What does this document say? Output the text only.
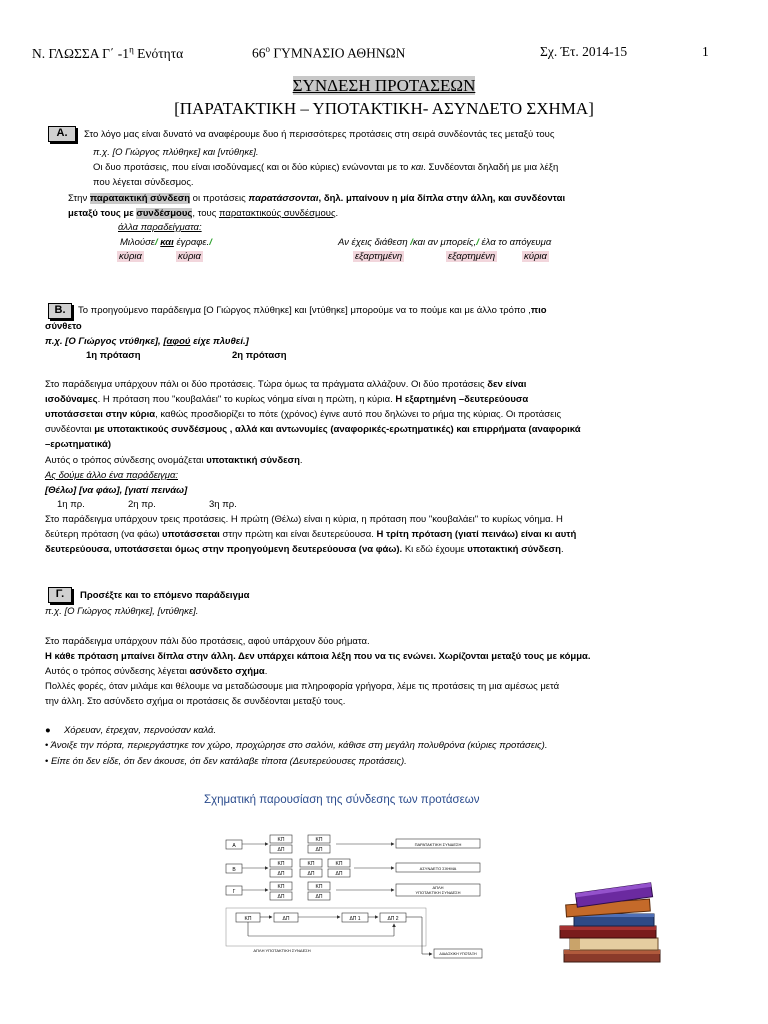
Ν. ΓΛΩΣΣΑ Γ΄ $-1^\eta$ Ενότητα	$66^o$ ΓΥΜΝΑΣΙΟ ΑΘΗΝΩΝ	Σχ. Έτ. 2014-15	1
ΣΥΝΔΕΣΗ ΠΡΟΤΑΣΕΩΝ
[ΠΑΡΑΤΑΚΤΙΚΗ – ΥΠΟΤΑΚΤΙΚΗ- ΑΣΥΝΔΕΤΟ ΣΧΗΜΑ]
Α.	Στο λόγο μας είναι δυνατό να αναφέρουμε δυο ή περισσότερες προτάσεις στη σειρά συνδέοντάς τες μεταξύ τους
π.χ. [Ο Γιώργος πλύθηκε] και [ντύθηκε].
Οι δυο προτάσεις, που είναι ισοδύναμες( και οι δύο κύριες) ενώνονται με το και. Συνδέονται δηλαδή με μια λέξη
που λέγεται σύνδεσμος.
Στην παρατακτική σύνδεση οι προτάσεις παρατάσσονται, δηλ. μπαίνουν η μία δίπλα στην άλλη, και συνδέονται
μεταξύ τους με συνδέσμους, τους παρατακτικούς συνδέσμους.
άλλα παραδείγματα:
Μιλούσε/ και έγραφε./	Αν έχεις διάθεση /και αν μπορείς,/ έλα το απόγευμα
κύρια	κύρια	εξαρτημένη	εξαρτημένη	κύρια
Β.	Το προηγούμενο παράδειγμα [Ο Γιώργος πλύθηκε] και [ντύθηκε] μπορούμε να το πούμε και με άλλο τρόπο ,πιο
σύνθετο
π.χ. [Ο Γιώργος ντύθηκε], [αφού είχε πλυθεί.]
1η πρόταση	2η πρόταση
Στο παράδειγμα υπάρχουν πάλι οι δύο προτάσεις. Τώρα όμως τα πράγματα αλλάζουν. Οι δύο προτάσεις δεν είναι
ισοδύναμες. Η πρόταση που "κουβαλάει" το κυρίως νόημα είναι η πρώτη, η κύρια. Η εξαρτημένη –δευτερεύουσα
υποτάσσεται στην κύρια, καθώς προσδιορίζει το πότε (χρόνος) έγινε αυτό που δηλώνει το ρήμα της κύριας. Οι προτάσεις
συνδέονται με υποτακτικούς συνδέσμους , αλλά και αντωνυμίες (αναφορικές-ερωτηματικές) και επιρρήματα (αναφορικά
–ερωτηματικά)
Αυτός ο τρόπος σύνδεσης ονομάζεται υποτακτική σύνδεση.
Ας δούμε άλλο ένα παράδειγμα:
[Θέλω] [να φάω], [γιατί πεινάω]
1η πρ.	2η πρ.	3η πρ.
Στο παράδειγμα υπάρχουν τρεις προτάσεις. Η πρώτη (Θέλω) είναι η κύρια, η πρόταση που "κουβαλάει" το κυρίως νόημα. Η
δεύτερη πρόταση (να φάω) υποτάσσεται στην πρώτη και είναι δευτερεύουσα. Η τρίτη πρόταση (γιατί πεινάω) είναι κι αυτή
δευτερεύουσα, υποτάσσεται όμως στην προηγούμενη δευτερεύουσα (να φάω). Κι εδώ έχουμε υποτακτική σύνδεση.
Γ.	Προσέξτε και το επόμενο παράδειγμα
π.χ. [Ο Γιώργος πλύθηκε], [ντύθηκε].
Στο παράδειγμα υπάρχουν πάλι δύο προτάσεις, αφού υπάρχουν δύο ρήματα.
Η κάθε πρόταση μπαίνει δίπλα στην άλλη. Δεν υπάρχει κάποια λέξη που να τις ενώνει. Χωρίζονται μεταξύ τους με κόμμα.
Αυτός ο τρόπος σύνδεσης λέγεται ασύνδετο σχήμα.
Πολλές φορές, όταν μιλάμε και θέλουμε να μεταδώσουμε μια πληροφορία γρήγορα, λέμε τις προτάσεις τη μια αμέσως μετά
την άλλη. Στο ασύνδετο σχήμα οι προτάσεις δε συνδέονται μεταξύ τους.
● Χόρευαν, έτρεχαν, περνούσαν καλά.
• Άνοιξε την πόρτα, περιεργάστηκε τον χώρο, προχώρησε στο σαλόνι, κάθισε στη μεγάλη πολυθρόνα (κύριες προτάσεις).
• Είπε ότι δεν είδε, ότι δεν άκουσε, ότι δεν κατάλαβε τίποτα (Δευτερεύουσες προτάσεις).
Σχηματική παρουσίαση της σύνδεσης των προτάσεων
Α
ΚΠ
ΔΠ
ΚΠ
ΔΠ
ΠΑΡΑΤΑΚΤΙΚΗ ΣΥΝΔΕΣΗ
Β
ΚΠ
ΔΠ
ΚΠ
ΔΠ
ΚΠ
ΔΠ
ΑΣΥΝΔΕΤΟ ΣΧΗΜΑ
Γ
ΚΠ
ΔΠ
ΚΠ
ΔΠ
ΑΠΛΗ
ΥΠΟΤΑΚΤΙΚΗ ΣΥΝΔΕΣΗ
ΚΠ	ΔΠ	ΔΠ 1	ΔΠ 2
ΔΙΑΔΟΧΙΚΗ ΥΠΟΤΑΞΗ
ΑΠΛΗ ΥΠΟΤΑΚΤΙΚΗ ΣΥΝΔΕΣΗ
